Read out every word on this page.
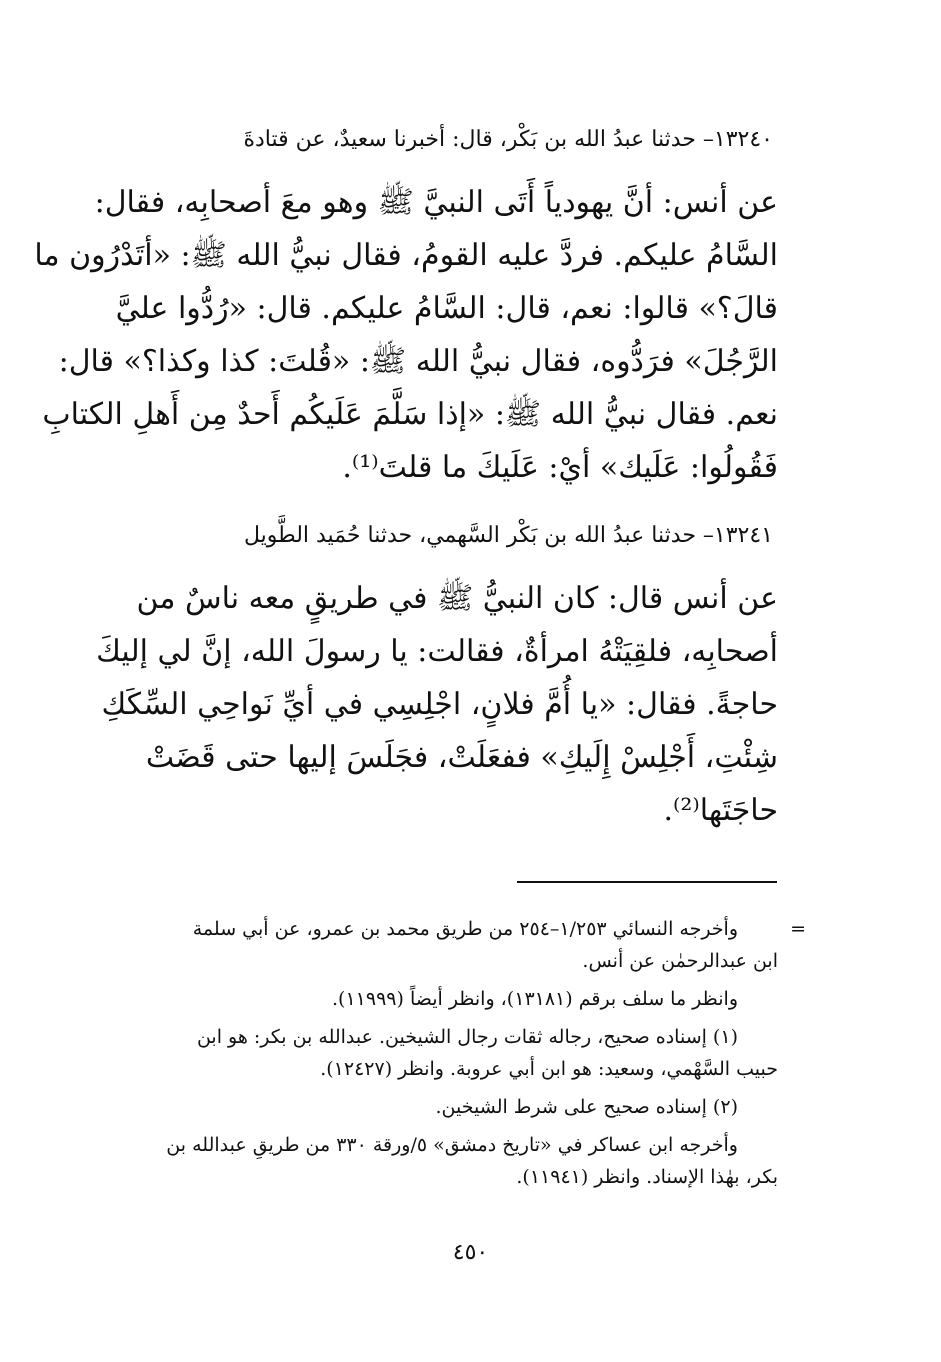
١٣٢٤٠– حدثنا عبدُ الله بن بَكْر، قال: أخبرنا سعيدٌ، عن قتادةَ
عن أنس: أنَّ يهودياً أَتَى النبيَّ ﷺ وهو معَ أصحابِه، فقال:
السَّامُ عليكم. فردَّ عليه القومُ، فقال نبيُّ الله ﷺ: «أتَدْرُون ما
قالَ؟» قالوا: نعم، قال: السَّامُ عليكم. قال: «رُدُّوا عليَّ
الرَّجُلَ» فرَدُّوه، فقال نبيُّ الله ﷺ: «قُلتَ: كذا وكذا؟» قال:
نعم. فقال نبيُّ الله ﷺ: «إذا سَلَّمَ عَلَيكُم أَحدٌ مِن أَهلِ الكتابِ
فَقُولُوا: عَلَيك» أيْ: عَلَيكَ ما قلتَ⁽¹⁾.
١٣٢٤١– حدثنا عبدُ الله بن بَكْر السَّهمي، حدثنا حُمَيد الطَّويل
عن أنس قال: كان النبيُّ ﷺ في طريقٍ معه ناسٌ من
أصحابِه، فلقِيَتْهُ امرأةٌ، فقالت: يا رسولَ الله، إنَّ لي إليكَ
حاجةً. فقال: «يا أُمَّ فلانٍ، اجْلِسِي في أيِّ نَواحِي السِّكَكِ
شِئْتِ، أَجْلِسْ إِلَيكِ» ففعَلَتْ، فجَلَسَ إليها حتى قَضَتْ
حاجَتَها⁽²⁾.
=
وأخرجه النسائي ١/٢٥٣–٢٥٤ من طريق محمد بن عمرو، عن أبي سلمة
ابن عبدالرحمٰن عن أنس.
وانظر ما سلف برقم (١٣١٨١)، وانظر أيضاً (١١٩٩٩).
(١) إسناده صحيح، رجاله ثقات رجال الشيخين. عبدالله بن بكر: هو ابن
حبيب السَّهْمي، وسعيد: هو ابن أبي عروبة. وانظر (١٢٤٢٧).
(٢) إسناده صحيح على شرط الشيخين.
وأخرجه ابن عساكر في «تاريخ دمشق» ٥/ورقة ٣٣٠ من طريقِ عبدالله بن
بكر، بهٰذا الإسناد. وانظر (١١٩٤١).
٤٥٠
